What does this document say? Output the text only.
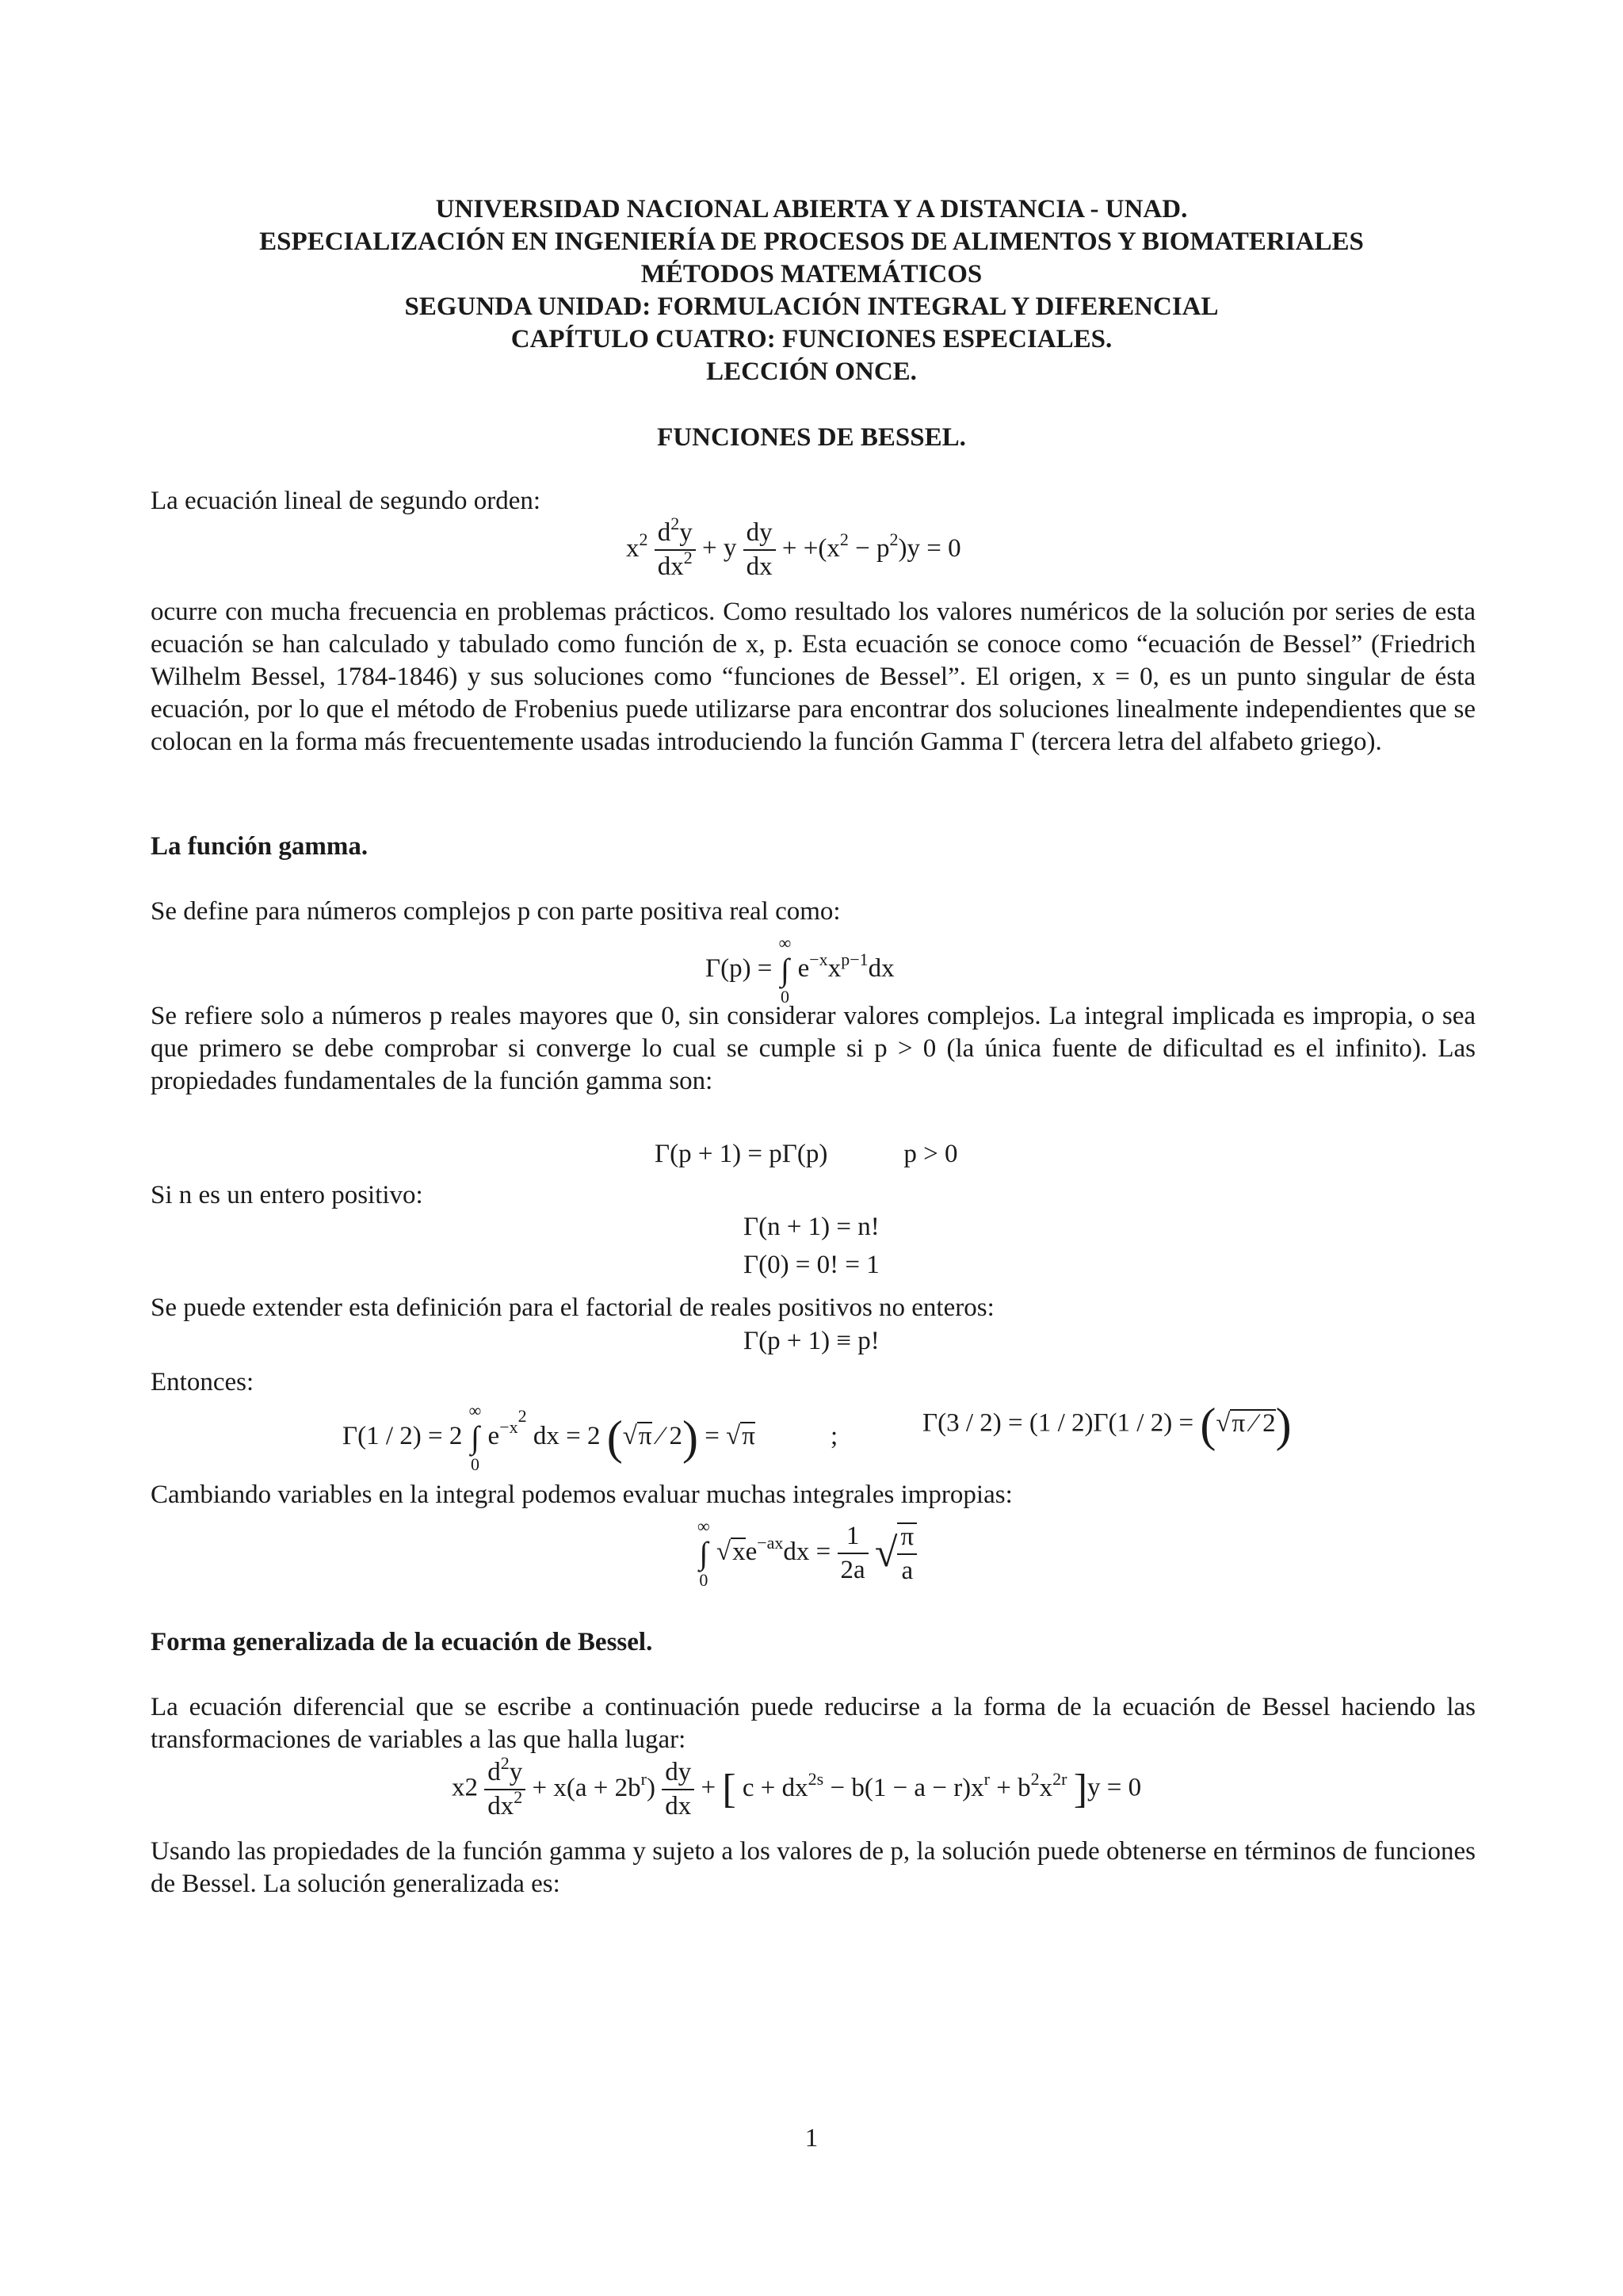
UNIVERSIDAD NACIONAL ABIERTA Y A DISTANCIA - UNAD.
ESPECIALIZACIÓN EN INGENIERÍA DE PROCESOS DE ALIMENTOS Y BIOMATERIALES
MÉTODOS MATEMÁTICOS
SEGUNDA UNIDAD: FORMULACIÓN INTEGRAL Y DIFERENCIAL
CAPÍTULO CUATRO: FUNCIONES ESPECIALES.
LECCIÓN ONCE.
FUNCIONES DE BESSEL.
La ecuación lineal de segundo orden:
$x^2 \frac{d^2y}{dx^2} + y \frac{dy}{dx} + +(x^2 - p^2)y = 0$
ocurre con mucha frecuencia en problemas prácticos. Como resultado los valores numéricos de la solución por series de esta ecuación se han calculado y tabulado como función de x, p. Esta ecuación se conoce como “ecuación de Bessel” (Friedrich Wilhelm Bessel, 1784-1846) y sus soluciones como “funciones de Bessel”. El origen, x = 0, es un punto singular de ésta ecuación, por lo que el método de Frobenius puede utilizarse para encontrar dos soluciones linealmente independientes que se colocan en la forma más frecuentemente usadas introduciendo la función Gamma Γ (tercera letra del alfabeto griego).
La función gamma.
Se define para números complejos p con parte positiva real como:
Γ(p) =
∞
∫
0
$e^{-x}x^{p-1}dx$
Se refiere solo a números p reales mayores que 0, sin considerar valores complejos. La integral implicada es impropia, o sea que primero se debe comprobar si converge lo cual se cumple si p > 0 (la única fuente de dificultad es el infinito). Las propiedades fundamentales de la función gamma son:
Γ(p + 1) = pΓ(p)	p > 0
Si n es un entero positivo:
Γ(n + 1) = n!
Γ(0) = 0! = 1
Se puede extender esta definición para el factorial de reales positivos no enteros:
Γ(p + 1) ≡ p!
Entonces:
Γ(1 / 2) = 2
∞
∫
0
$e^{-x^2}$ dx = 2 (√π ⁄ 2) = √π	;	Γ(3 / 2) = (1 / 2)Γ(1 / 2) = (√π ⁄ 2)
Cambiando variables en la integral podemos evaluar muchas integrales impropias:
∞
∫
0
$√xe^{-ax}dx = \frac{1}{2a}$ √ $\frac{\pi}{a}$
Forma generalizada de la ecuación de Bessel.
La ecuación diferencial que se escribe a continuación puede reducirse a la forma de la ecuación de Bessel haciendo las transformaciones de variables a las que halla lugar:
$x2 \frac{d^2y}{dx^2} + x(a + 2b^r) \frac{dy}{dx}$ + [ $c + dx^{2s} - b(1 - a - r)x^r + b^2x^{2r}$ ]y = 0
Usando las propiedades de la función gamma y sujeto a los valores de p, la solución puede obtenerse en términos de funciones de Bessel. La solución generalizada es:
1
